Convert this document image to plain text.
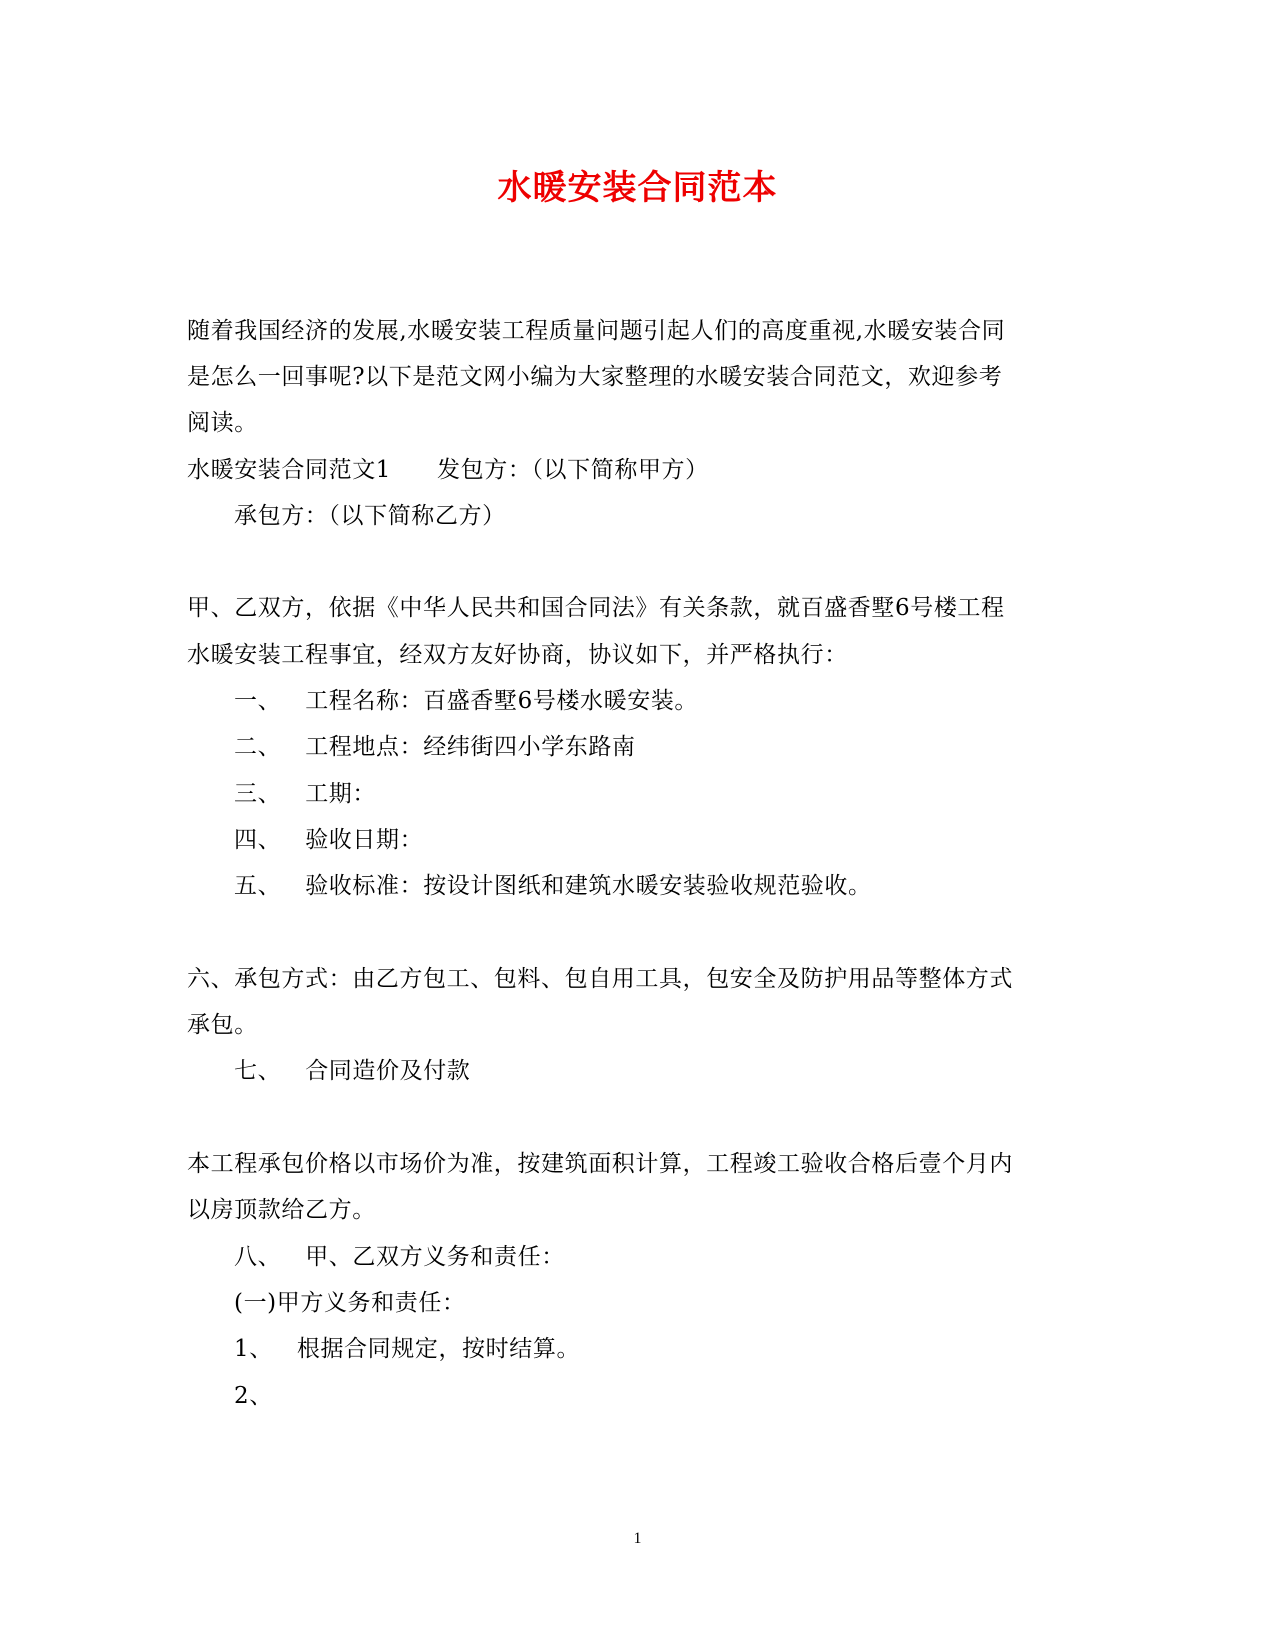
水暖安装合同范本
随着我国经济的发展,水暖安装工程质量问题引起人们的高度重视,水暖安装合同
是怎么一回事呢?以下是范文网小编为大家整理的水暖安装合同范文，欢迎参考
阅读。
水暖安装合同范文1 发包方：（以下简称甲方）
承包方：（以下简称乙方）
甲、乙双方，依据《中华人民共和国合同法》有关条款，就百盛香墅6号楼工程
水暖安装工程事宜，经双方友好协商，协议如下，并严格执行：
一、 工程名称：百盛香墅6号楼水暖安装。
二、 工程地点：经纬街四小学东路南
三、 工期：
四、 验收日期：
五、 验收标准：按设计图纸和建筑水暖安装验收规范验收。
六、承包方式：由乙方包工、包料、包自用工具，包安全及防护用品等整体方式
承包。
七、 合同造价及付款
本工程承包价格以市场价为准，按建筑面积计算，工程竣工验收合格后壹个月内
以房顶款给乙方。
八、 甲、乙双方义务和责任：
(一)甲方义务和责任：
1、 根据合同规定，按时结算。
2、
1
